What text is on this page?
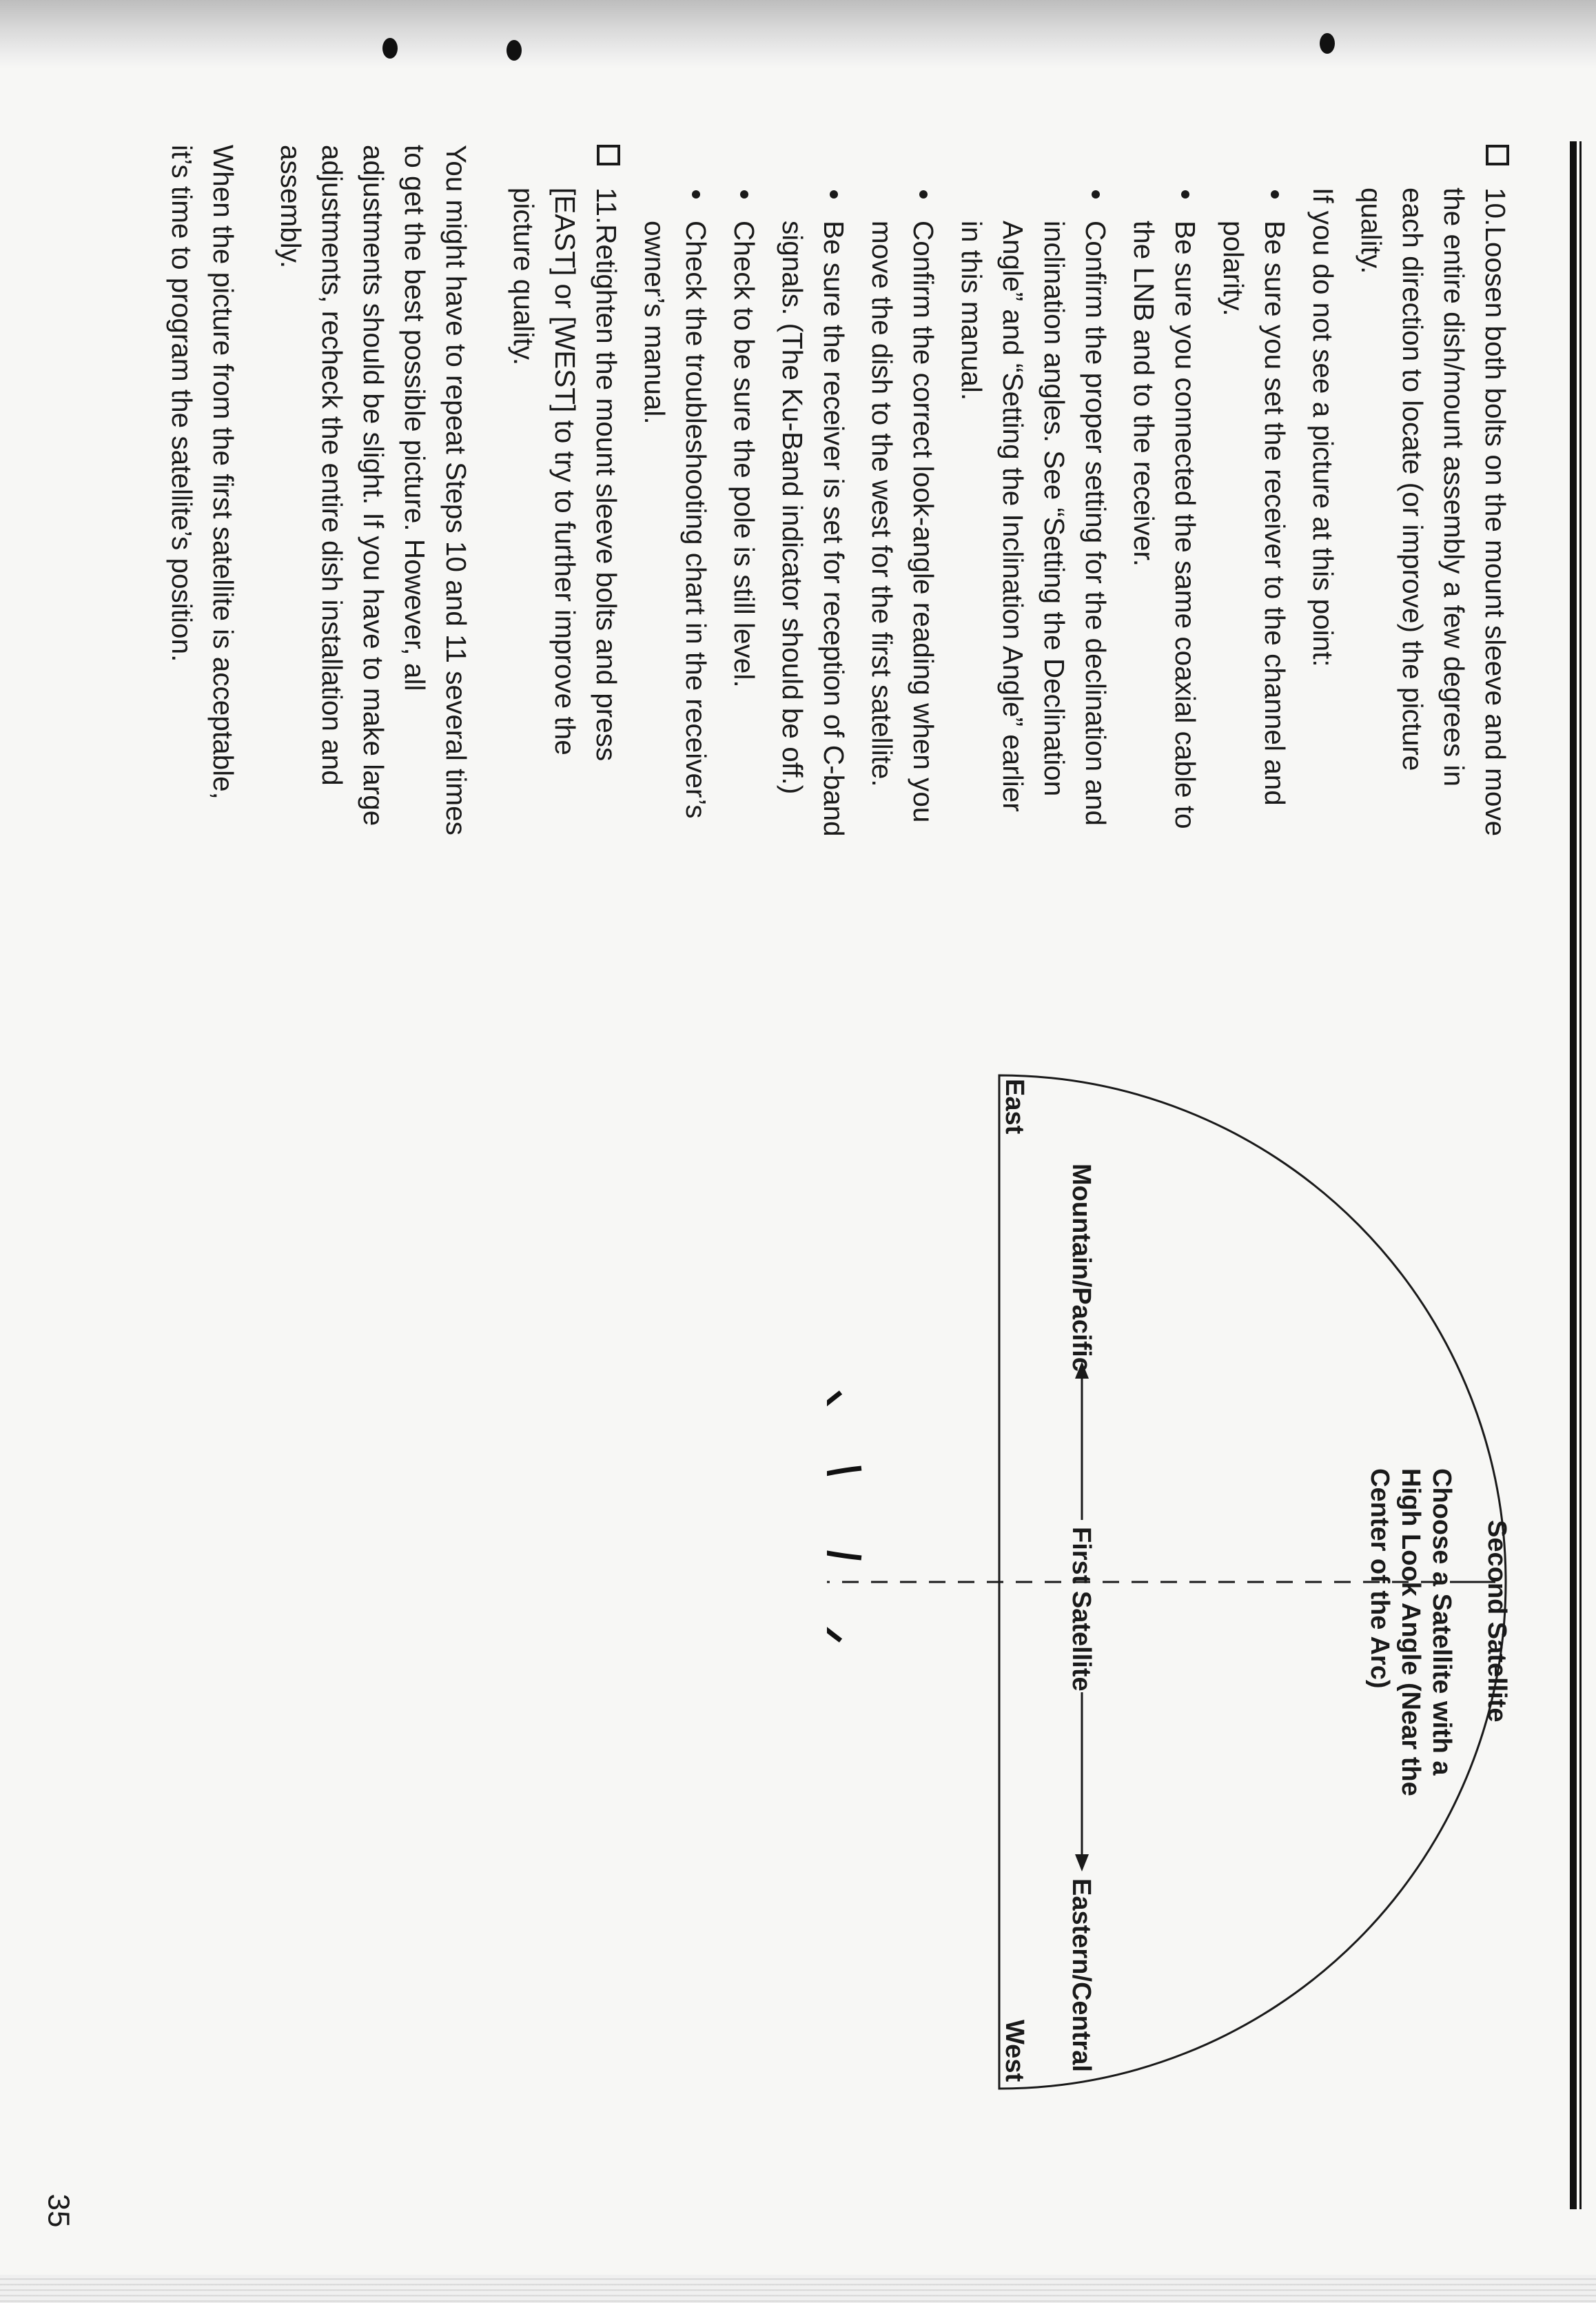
35
10.Loosen both bolts on the mount sleeve and move the entire dish/mount assembly a few degrees in each direction to locate (or improve) the picture quality.
If you do not see a picture at this point:
Be sure you set the receiver to the channel and polarity.
Be sure you connected the same coaxial cable to the LNB and to the receiver.
Confirm the proper setting for the declination and inclination angles. See “Setting the Declination Angle” and “Setting the Inclination Angle” earlier in this manual.
Confirm the correct look-angle reading when you move the dish to the west for the first satellite.
Be sure the receiver is set for reception of C-band signals. (The Ku-Band indicator should be off.)
Check to be sure the pole is still level.
Check the troubleshooting chart in the receiver’s owner’s manual.
11.Retighten the mount sleeve bolts and press [EAST] or [WEST] to try to further improve the picture quality.
You might have to repeat Steps 10 and 11 several times to get the best possible picture. However, all adjustments should be slight. If you have to make large adjustments, recheck the entire dish installation and assembly.
When the picture from the first satellite is acceptable, it’s time to program the satellite’s position.
Second Satellite
Choose a Satellite with a
High Look Angle (Near the
Center of the Arc)
Mountain/Pacific
First Satellite
Eastern/Central
East
West
